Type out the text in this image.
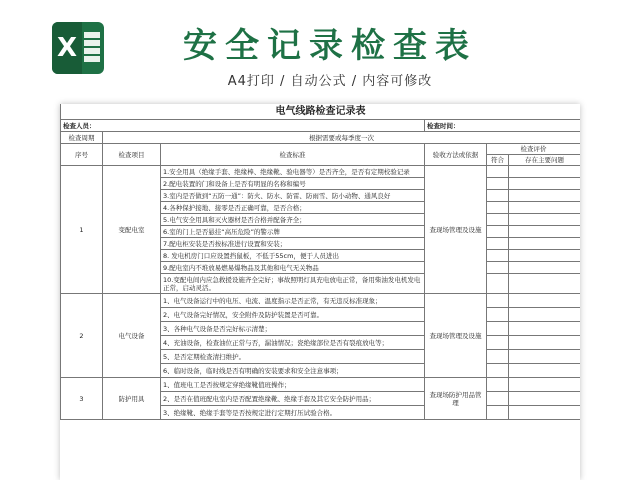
X	安全记录检查表
A4打印 / 自动公式 / 内容可修改
电气线路检查记录表					
检查人员：			检查时间：		
检查周期	根据需要或每季度一次				
序号	检查项目	检查标准	验收方法或依据	检查评价	
				符合	存在主要问题
1	变配电室	1.安全用具（绝缘手套、绝缘棒、绝缘靴、验电器等）是否齐全，是否有定期校验记录	查现场管理及设施		
		2.配电装置的门和设备上是否有明显的名称和编号			
		3.室内是否做到“五防一通”：防火、防水、防雷、防雨雪、防小动物、通风良好			
		4.各种保护接地、接零是否正确可靠，是否合格；			
		5.电气安全用具和灭火器材是否合格并配备齐全；			
		6.室的门上是否悬挂“高压危险”的警示牌			
		7.配电柜安装是否按标准进行设置和安装；			
		8. 发电机房门口应设置挡鼠板，不低于55cm，便于人员进出			
		9.配电室内不堆放易燃易爆物品及其他和电气无关物品			
		10.变配电间内应急救援设施齐全完好；事故照明灯具充电放电正常，备用柴油发电机发电正常，启动灵活。			
2	电气设备	1、电气设备运行中的电压、电流、温度指示是否正常，有无违反标准现象；	查现场管理及设施		
		2、电气设备完好情况，安全附件及防护装置是否可靠。			
		3、各种电气设备是否完好标示清楚；			
		4、充油设备，检查油位正常与否，漏油情况；瓷绝缘部位是否有裂痕放电等；			
		5、是否定期检查清扫维护。			
		6、临时设备，临时线是否有明确的安装要求和安全注意事项；			
3	防护用具	1、值班电工是否按规定穿绝缘靴值班操作；	查现场防护用品管理		
		2、是否在值班配电室内是否配置绝缘靴、绝缘手套及其它安全防护用品；			
		3、绝缘靴、绝缘手套等是否按规定进行定期打压试验合格。			
